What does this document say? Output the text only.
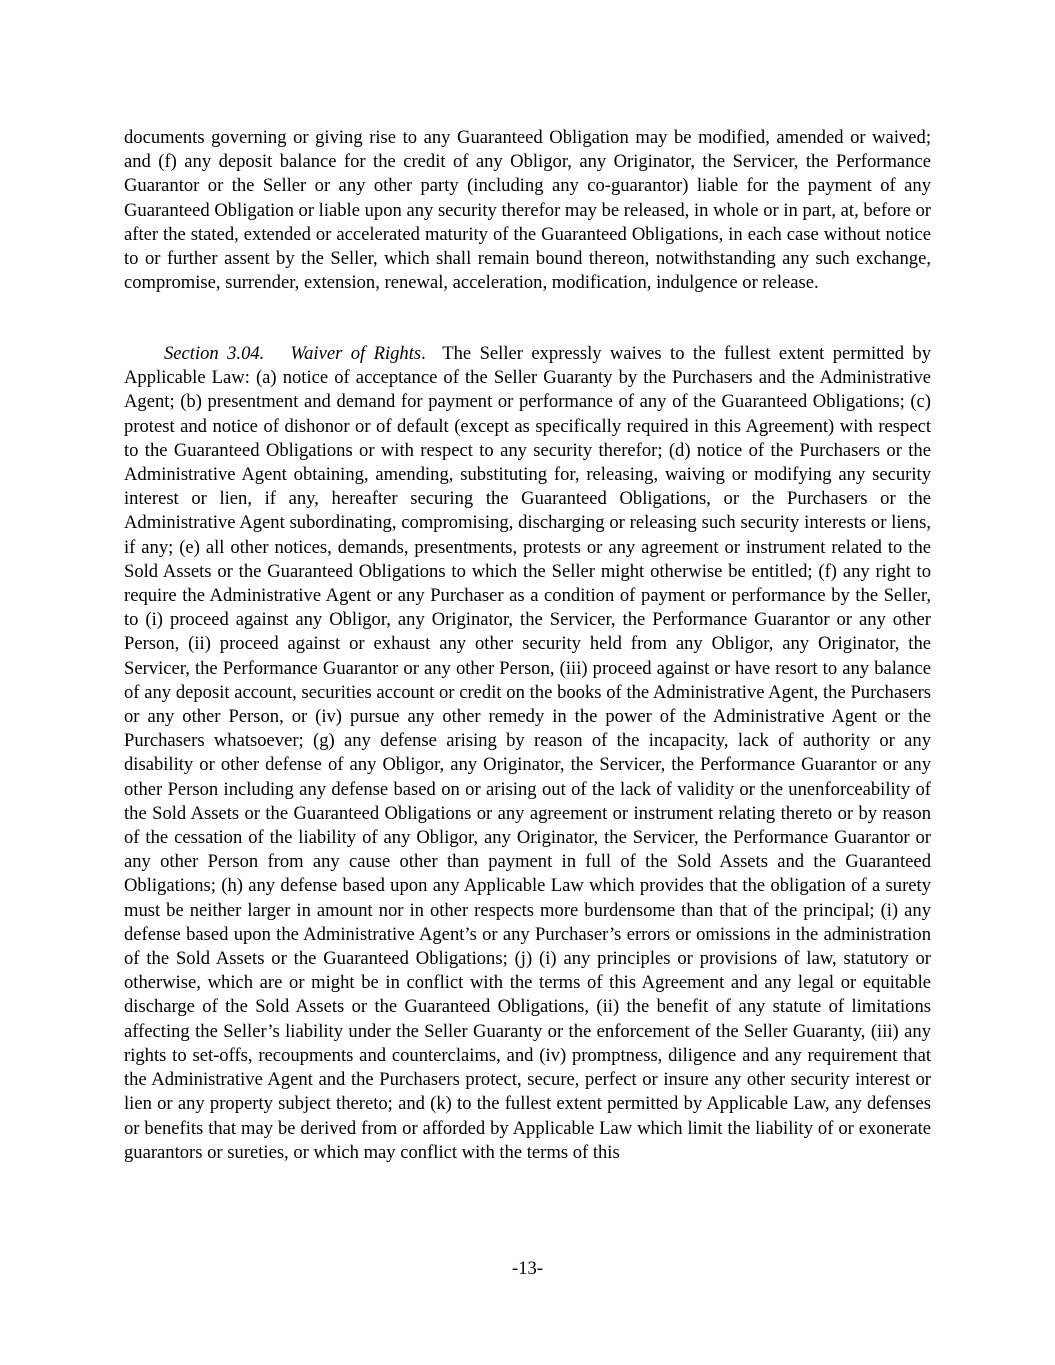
documents governing or giving rise to any Guaranteed Obligation may be modified, amended or waived; and (f) any deposit balance for the credit of any Obligor, any Originator, the Servicer, the Performance Guarantor or the Seller or any other party (including any co-guarantor) liable for the payment of any Guaranteed Obligation or liable upon any security therefor may be released, in whole or in part, at, before or after the stated, extended or accelerated maturity of the Guaranteed Obligations, in each case without notice to or further assent by the Seller, which shall remain bound thereon, notwithstanding any such exchange, compromise, surrender, extension, renewal, acceleration, modification, indulgence or release.

Section 3.04. Waiver of Rights. The Seller expressly waives to the fullest extent permitted by Applicable Law: (a) notice of acceptance of the Seller Guaranty by the Purchasers and the Administrative Agent; (b) presentment and demand for payment or performance of any of the Guaranteed Obligations; (c) protest and notice of dishonor or of default (except as specifically required in this Agreement) with respect to the Guaranteed Obligations or with respect to any security therefor; (d) notice of the Purchasers or the Administrative Agent obtaining, amending, substituting for, releasing, waiving or modifying any security interest or lien, if any, hereafter securing the Guaranteed Obligations, or the Purchasers or the Administrative Agent subordinating, compromising, discharging or releasing such security interests or liens, if any; (e) all other notices, demands, presentments, protests or any agreement or instrument related to the Sold Assets or the Guaranteed Obligations to which the Seller might otherwise be entitled; (f) any right to require the Administrative Agent or any Purchaser as a condition of payment or performance by the Seller, to (i) proceed against any Obligor, any Originator, the Servicer, the Performance Guarantor or any other Person, (ii) proceed against or exhaust any other security held from any Obligor, any Originator, the Servicer, the Performance Guarantor or any other Person, (iii) proceed against or have resort to any balance of any deposit account, securities account or credit on the books of the Administrative Agent, the Purchasers or any other Person, or (iv) pursue any other remedy in the power of the Administrative Agent or the Purchasers whatsoever; (g) any defense arising by reason of the incapacity, lack of authority or any disability or other defense of any Obligor, any Originator, the Servicer, the Performance Guarantor or any other Person including any defense based on or arising out of the lack of validity or the unenforceability of the Sold Assets or the Guaranteed Obligations or any agreement or instrument relating thereto or by reason of the cessation of the liability of any Obligor, any Originator, the Servicer, the Performance Guarantor or any other Person from any cause other than payment in full of the Sold Assets and the Guaranteed Obligations; (h) any defense based upon any Applicable Law which provides that the obligation of a surety must be neither larger in amount nor in other respects more burdensome than that of the principal; (i) any defense based upon the Administrative Agent’s or any Purchaser’s errors or omissions in the administration of the Sold Assets or the Guaranteed Obligations; (j) (i) any principles or provisions of law, statutory or otherwise, which are or might be in conflict with the terms of this Agreement and any legal or equitable discharge of the Sold Assets or the Guaranteed Obligations, (ii) the benefit of any statute of limitations affecting the Seller’s liability under the Seller Guaranty or the enforcement of the Seller Guaranty, (iii) any rights to set-offs, recoupments and counterclaims, and (iv) promptness, diligence and any requirement that the Administrative Agent and the Purchasers protect, secure, perfect or insure any other security interest or lien or any property subject thereto; and (k) to the fullest extent permitted by Applicable Law, any defenses or benefits that may be derived from or afforded by Applicable Law which limit the liability of or exonerate guarantors or sureties, or which may conflict with the terms of this

-13-
